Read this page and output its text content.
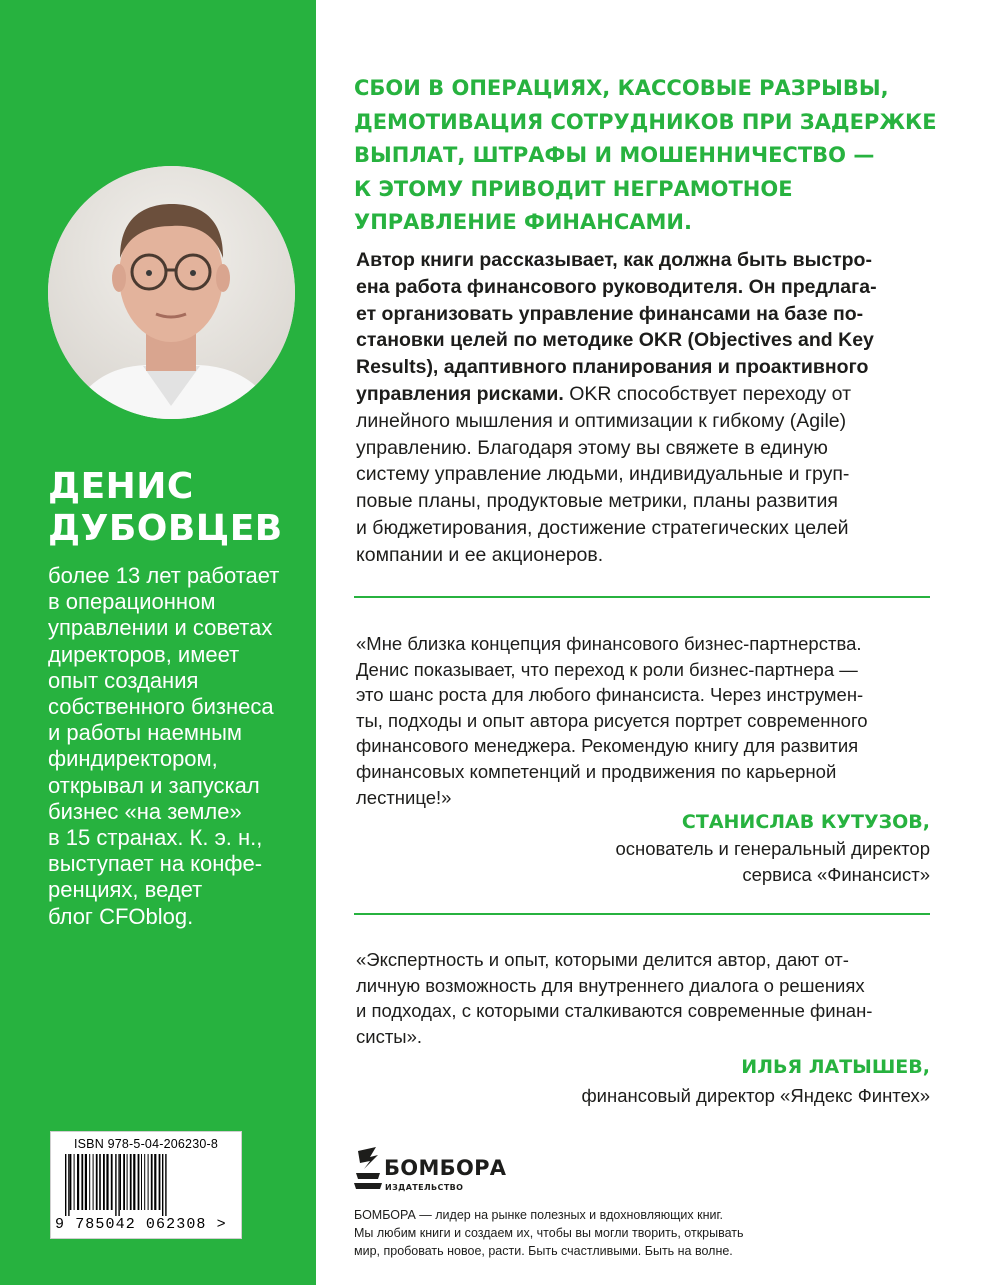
ДЕНИС
ДУБОВЦЕВ
более 13 лет работает
в операционном
управлении и советах
директоров, имеет
опыт создания
собственного бизнеса
и работы наемным
финдиректором,
открывал и запускал
бизнес «на земле»
в 15 странах. К. э. н.,
выступает на конфе-
ренциях, ведет
блог CFOblog.
ISBN 978-5-04-206230-8
9 785042 062308 >
СБОИ В ОПЕРАЦИЯХ, КАССОВЫЕ РАЗРЫВЫ,
ДЕМОТИВАЦИЯ СОТРУДНИКОВ ПРИ ЗАДЕРЖКЕ
ВЫПЛАТ, ШТРАФЫ И МОШЕННИЧЕСТВО —
К ЭТОМУ ПРИВОДИТ НЕГРАМОТНОЕ
УПРАВЛЕНИЕ ФИНАНСАМИ.
Автор книги рассказывает, как должна быть выстро-
ена работа финансового руководителя. Он предлага-
ет организовать управление финансами на базе по-
становки целей по методике OKR (Objectives and Key
Results), адаптивного планирования и проактивного
управления рисками. OKR способствует переходу от
линейного мышления и оптимизации к гибкому (Agile)
управлению. Благодаря этому вы свяжете в единую
систему управление людьми, индивидуальные и груп-
повые планы, продуктовые метрики, планы развития
и бюджетирования, достижение стратегических целей
компании и ее акционеров.
«Мне близка концепция финансового бизнес-партнерства.
Денис показывает, что переход к роли бизнес-партнера —
это шанс роста для любого финансиста. Через инструмен-
ты, подходы и опыт автора рисуется портрет современного
финансового менеджера. Рекомендую книгу для развития
финансовых компетенций и продвижения по карьерной
лестнице!»
СТАНИСЛАВ КУТУЗОВ,
основатель и генеральный директор
сервиса «Финансист»
«Экспертность и опыт, которыми делится автор, дают от-
личную возможность для внутреннего диалога о решениях
и подходах, с которыми сталкиваются современные финан-
систы».
ИЛЬЯ ЛАТЫШЕВ,
финансовый директор «Яндекс Финтех»
БОМБОРА
ИЗДАТЕЛЬСТВО
БОМБОРА — лидер на рынке полезных и вдохновляющих книг.
Мы любим книги и создаем их, чтобы вы могли творить, открывать
мир, пробовать новое, расти. Быть счастливыми. Быть на волне.
